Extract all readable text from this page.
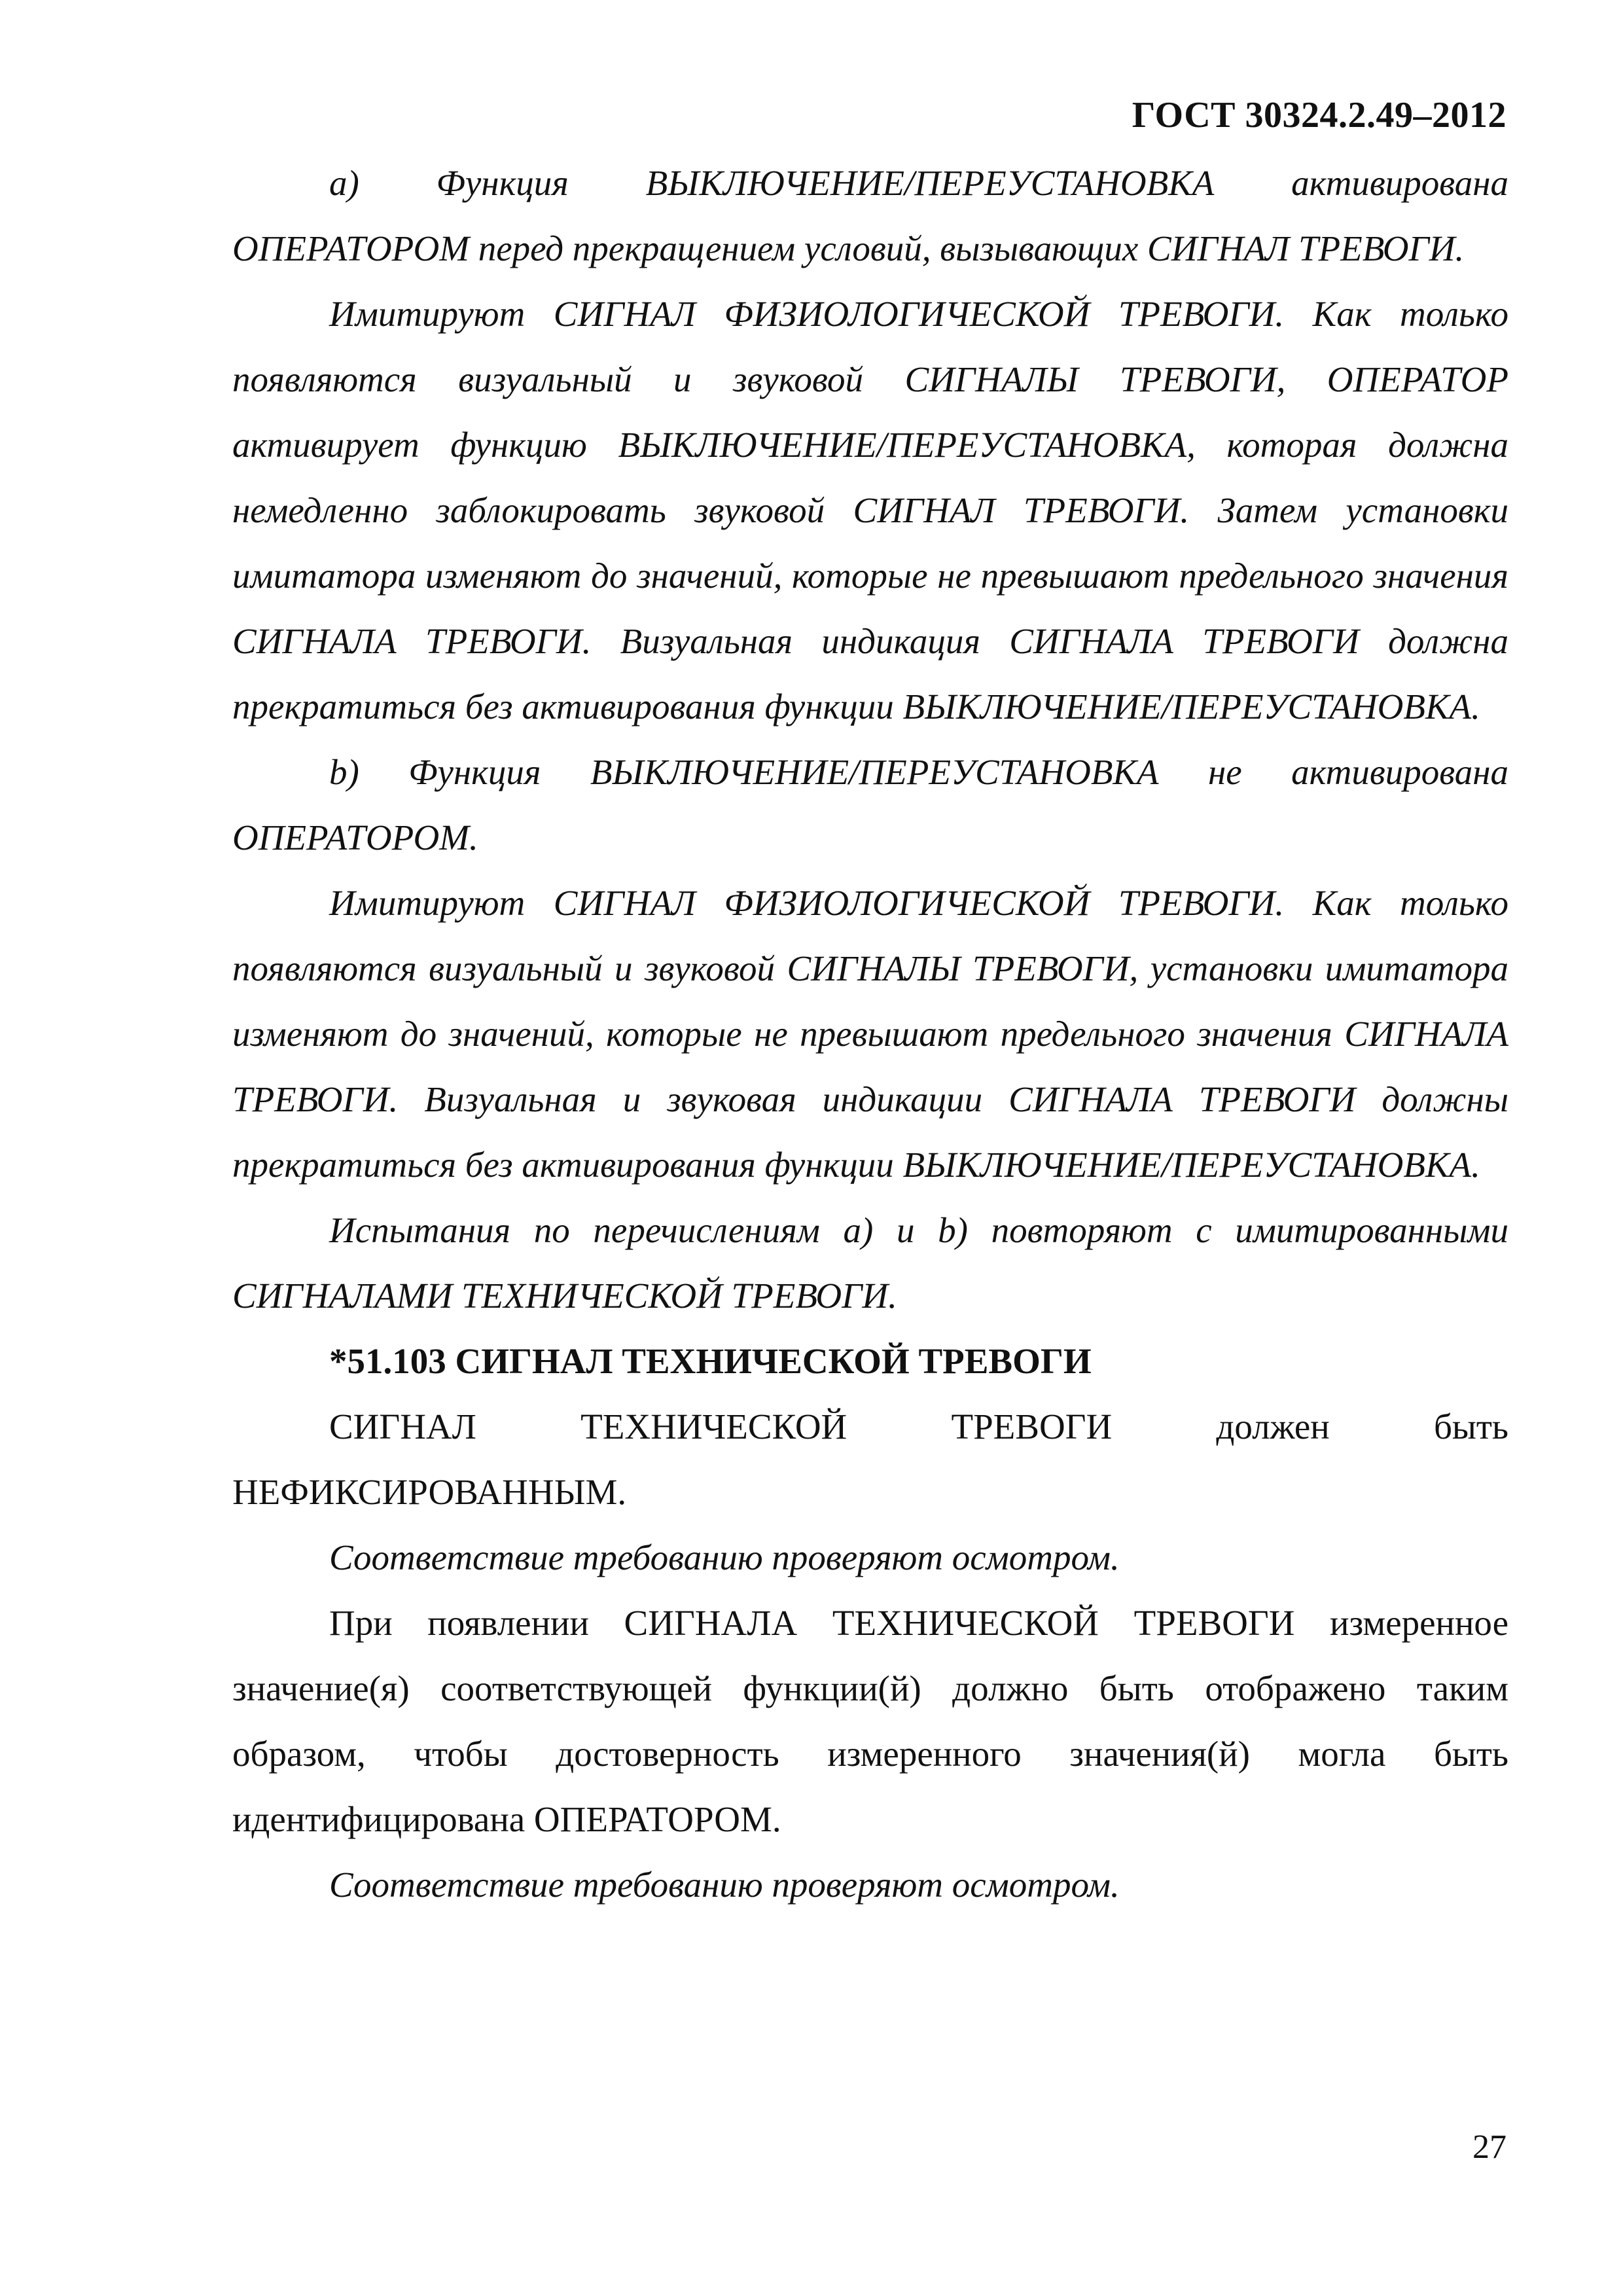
ГОСТ 30324.2.49–2012

a) Функция ВЫКЛЮЧЕНИЕ/ПЕРЕУСТАНОВКА активирована ОПЕРАТОРОМ перед прекращением условий, вызывающих СИГНАЛ ТРЕВОГИ.

Имитируют СИГНАЛ ФИЗИОЛОГИЧЕСКОЙ ТРЕВОГИ. Как только появляются визуальный и звуковой СИГНАЛЫ ТРЕВОГИ, ОПЕРАТОР активирует функцию ВЫКЛЮЧЕНИЕ/ПЕРЕУСТАНОВКА, которая должна немедленно заблокировать звуковой СИГНАЛ ТРЕВОГИ. Затем установки имитатора изменяют до значений, которые не превышают предельного значения СИГНАЛА ТРЕВОГИ. Визуальная индикация СИГНАЛА ТРЕВОГИ должна прекратиться без активирования функции ВЫКЛЮЧЕНИЕ/ПЕРЕУСТАНОВКА.

b) Функция ВЫКЛЮЧЕНИЕ/ПЕРЕУСТАНОВКА не активирована ОПЕРАТОРОМ.

Имитируют СИГНАЛ ФИЗИОЛОГИЧЕСКОЙ ТРЕВОГИ. Как только появляются визуальный и звуковой СИГНАЛЫ ТРЕВОГИ, установки имитатора изменяют до значений, которые не превышают предельного значения СИГНАЛА ТРЕВОГИ. Визуальная и звуковая индикации СИГНАЛА ТРЕВОГИ должны прекратиться без активирования функции ВЫКЛЮЧЕНИЕ/ПЕРЕУСТАНОВКА.

Испытания по перечислениям a) и b) повторяют с имитированными СИГНАЛАМИ ТЕХНИЧЕСКОЙ ТРЕВОГИ.

*51.103 СИГНАЛ ТЕХНИЧЕСКОЙ ТРЕВОГИ

СИГНАЛ ТЕХНИЧЕСКОЙ ТРЕВОГИ должен быть НЕФИКСИРОВАННЫМ.

Соответствие требованию проверяют осмотром.

При появлении СИГНАЛА ТЕХНИЧЕСКОЙ ТРЕВОГИ измеренное значение(я) соответствующей функции(й) должно быть отображено таким образом, чтобы достоверность измеренного значения(й) могла быть идентифицирована ОПЕРАТОРОМ.

Соответствие требованию проверяют осмотром.

27
